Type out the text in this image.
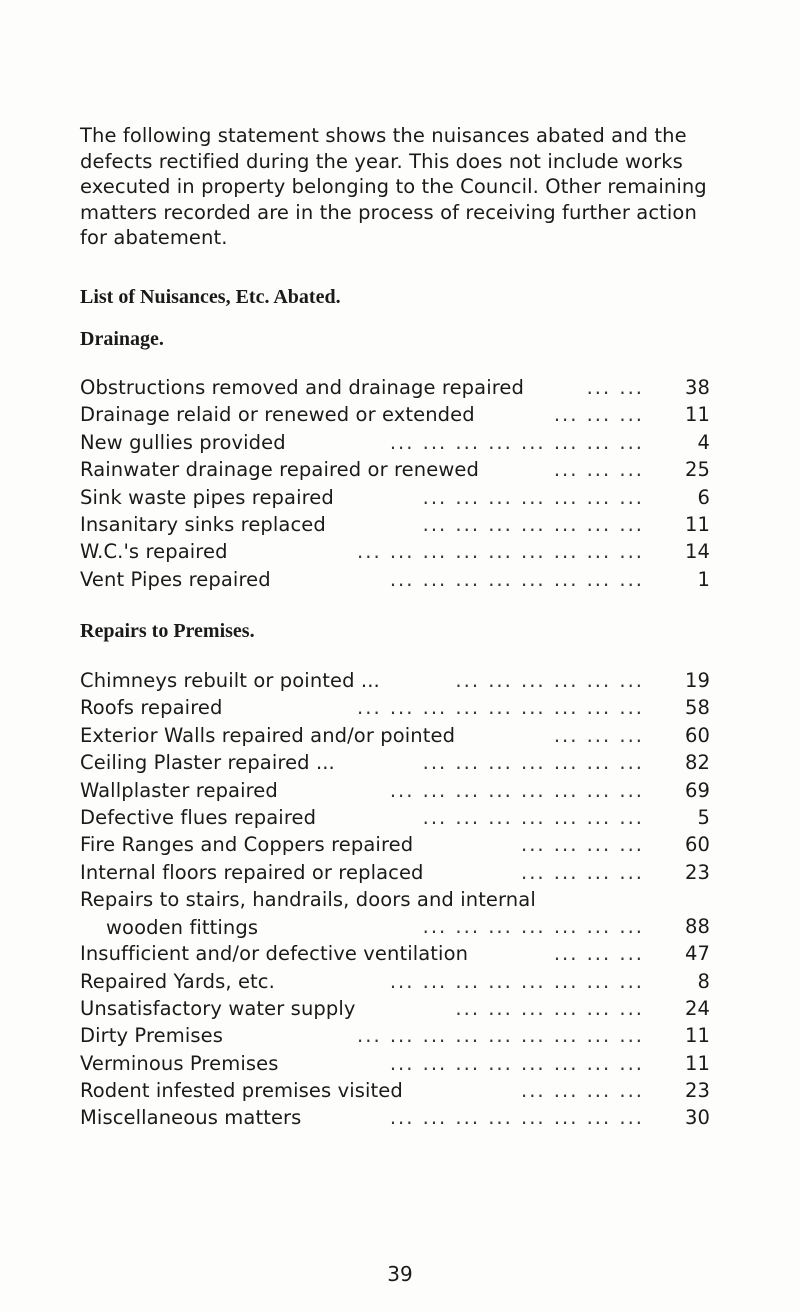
The following statement shows the nuisances abated and the defects rectified during the year. This does not include works executed in property belonging to the Council. Other remaining matters recorded are in the process of receiving further action for abatement.

List of Nuisances, Etc. Abated.
Drainage.
Obstructions removed and drainage repaired	... ...	38
Drainage relaid or renewed or extended	... ... ...	11
New gullies provided	... ... ... ... ... ... ... ...	4
Rainwater drainage repaired or renewed	... ... ...	25
Sink waste pipes repaired	... ... ... ... ... ... ...	6
Insanitary sinks replaced	... ... ... ... ... ... ...	11
W.C.'s repaired	... ... ... ... ... ... ... ... ...	14
Vent Pipes repaired	... ... ... ... ... ... ... ...	1
Repairs to Premises.
Chimneys rebuilt or pointed ...	... ... ... ... ... ...	19
Roofs repaired	... ... ... ... ... ... ... ... ...	58
Exterior Walls repaired and/or pointed	... ... ...	60
Ceiling Plaster repaired ...	... ... ... ... ... ... ...	82
Wallplaster repaired	... ... ... ... ... ... ... ...	69
Defective flues repaired	... ... ... ... ... ... ...	5
Fire Ranges and Coppers repaired	... ... ... ...	60
Internal floors repaired or replaced	... ... ... ...	23
Repairs to stairs, handrails, doors and internal
wooden fittings	... ... ... ... ... ... ...	88
Insufficient and/or defective ventilation	... ... ...	47
Repaired Yards, etc.	... ... ... ... ... ... ... ...	8
Unsatisfactory water supply	... ... ... ... ... ...	24
Dirty Premises	... ... ... ... ... ... ... ... ...	11
Verminous Premises	... ... ... ... ... ... ... ...	11
Rodent infested premises visited	... ... ... ...	23
Miscellaneous matters	... ... ... ... ... ... ... ...	30
39
